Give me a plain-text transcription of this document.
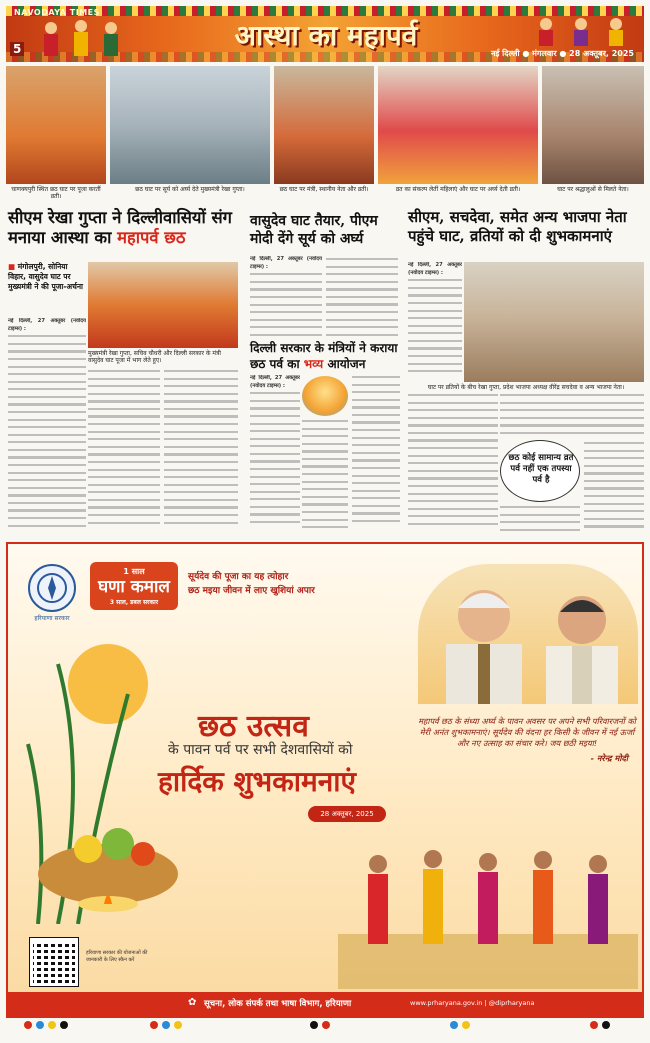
NAVODAYA TIMES
5	आस्था का महापर्व
नई दिल्ली ● मंगलवार ● 28 अक्तूबर, 2025
चाणक्यपुरी स्थित छठ घाट पर पूजा करतीं व्रती।
छठ घाट पर सूर्य को अर्घ्य देते मुख्यमंत्री रेखा गुप्ता।	छठ घाट पर मंत्री, स्थानीय नेता और व्रती।	व्रत का संकल्प लेतीं महिलाएं और घाट पर अर्घ्य देती व्रती।	घाट पर श्रद्धालुओं से मिलते नेता।
सीएम रेखा गुप्ता ने दिल्लीवासियों संग मनाया आस्था का महापर्व छठ
वासुदेव घाट तैयार, पीएम मोदी देंगे सूर्य को अर्घ्य
सीएम, सचदेवा, समेत अन्य भाजपा नेता पहुंचे घाट, व्रतियों को दी शुभकामनाएं
■ मंगोलपुरी, सोनिया विहार, वासुदेव घाट पर मुख्यमंत्री ने की पूजा-अर्चना
मुख्यमंत्री रेखा गुप्ता, सचिव चौधरी और दिल्ली सरकार के मंत्री वासुदेव घाट पूजा में भाग लेते हुए।
नई दिल्ली, 27 अक्तूबर (नवोदय टाइम्स) :
नई दिल्ली, 27 अक्तूबर (नवोदय टाइम्स) :
दिल्ली सरकार के मंत्रियों ने कराया छठ पर्व का भव्य आयोजन
नई दिल्ली, 27 अक्तूबर (नवोदय टाइम्स) :
नई दिल्ली, 27 अक्तूबर (नवोदय टाइम्स) :
घाट पर व्रतियों के बीच रेखा गुप्ता, प्रदेश भाजपा अध्यक्ष वीरेंद्र सचदेवा व अन्य भाजपा नेता।
छठ कोई सामान्य व्रत पर्व नहीं एक तपस्या पर्व है
हरियाणा सरकार
1 साल
घणा कमाल
3 साल, डबल सरकार
सूर्यदेव की पूजा का यह त्योहार
छठ मइया जीवन में लाए खुशियां अपार
छठ उत्सव
के पावन पर्व पर सभी देशवासियों को
हार्दिक शुभकामनाएं
28 अक्तूबर, 2025
महापर्व छठ के संध्या अर्घ्य के पावन अवसर पर अपने सभी परिवारजनों को मेरी अनंत शुभकामनाएं। सूर्यदेव की वंदना हर किसी के जीवन में नई ऊर्जा और नए उत्साह का संचार करे। जय छठी मइया!
- नरेन्द्र मोदी
हरियाणा सरकार की योजनाओं की जानकारी के लिए स्कैन करें
✿ सूचना, लोक संपर्क तथा भाषा विभाग, हरियाणा	www.prharyana.gov.in | @diprharyana
